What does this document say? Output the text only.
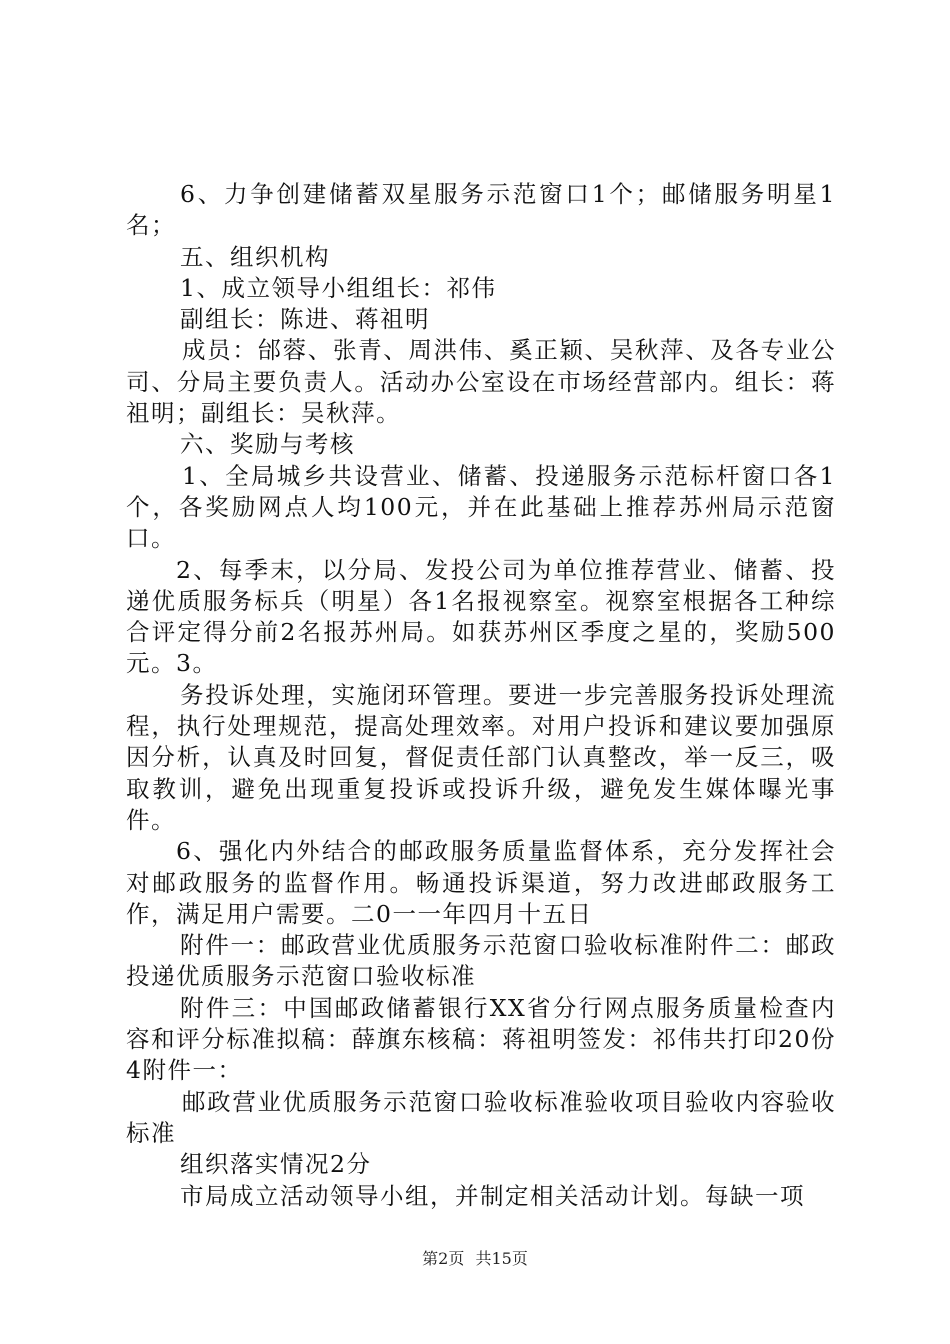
6、力争创建储蓄双星服务示范窗口1个；邮储服务明星1名；

五、组织机构

1、成立领导小组组长：祁伟

副组长：陈进、蒋祖明

成员：邰蓉、张青、周洪伟、奚正颖、吴秋萍、及各专业公司、分局主要负责人。活动办公室设在市场经营部内。组长：蒋祖明；副组长：吴秋萍。

六、奖励与考核

1、全局城乡共设营业、储蓄、投递服务示范标杆窗口各1个，各奖励网点人均100元，并在此基础上推荐苏州局示范窗口。

2、每季末，以分局、发投公司为单位推荐营业、储蓄、投递优质服务标兵（明星）各1名报视察室。视察室根据各工种综合评定得分前2名报苏州局。如获苏州区季度之星的，奖励500元。3。

务投诉处理，实施闭环管理。要进一步完善服务投诉处理流程，执行处理规范，提高处理效率。对用户投诉和建议要加强原因分析，认真及时回复，督促责任部门认真整改，举一反三，吸取教训，避免出现重复投诉或投诉升级，避免发生媒体曝光事件。

6、强化内外结合的邮政服务质量监督体系，充分发挥社会对邮政服务的监督作用。畅通投诉渠道，努力改进邮政服务工作，满足用户需要。二0一一年四月十五日

附件一：邮政营业优质服务示范窗口验收标准附件二：邮政投递优质服务示范窗口验收标准

附件三：中国邮政储蓄银行XX省分行网点服务质量检查内容和评分标准拟稿：薛旗东核稿：蒋祖明签发：祁伟共打印20份4附件一：

邮政营业优质服务示范窗口验收标准验收项目验收内容验收标准

组织落实情况2分

市局成立活动领导小组，并制定相关活动计划。每缺一项

第2页 共15页
